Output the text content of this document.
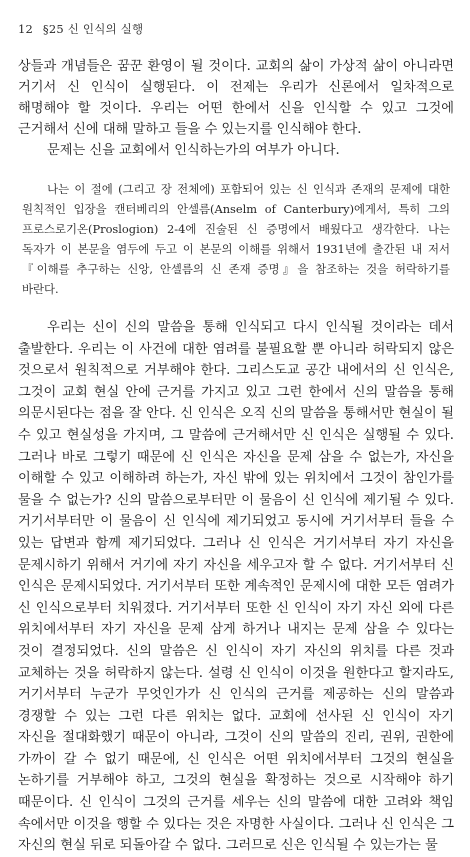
12 §25 신 인식의 실행

상들과 개념들은 꿈꾼 환영이 될 것이다. 교회의 삶이 가상적 삶이 아니라면 거기서 신 인식이 실행된다. 이 전제는 우리가 신론에서 일차적으로 해명해야 할 것이다. 우리는 어떤 한에서 신을 인식할 수 있고 그것에 근거해서 신에 대해 말하고 들을 수 있는지를 인식해야 한다.

문제는 신을 교회에서 인식하는가의 여부가 아니다.

나는 이 절에 (그리고 장 전체에) 포함되어 있는 신 인식과 존재의 문제에 대한 원칙적인 입장을 캔터베리의 안셀름(Anselm of Canterbury)에게서, 특히 그의 프로스로기온(Proslogion) 2-4에 진술된 신 증명에서 배웠다고 생각한다. 나는 독자가 이 본문을 염두에 두고 이 본문의 이해를 위해서 1931년에 출간된 내 저서 『이해를 추구하는 신앙, 안셀름의 신 존재 증명』을 참조하는 것을 허락하기를 바란다.

우리는 신이 신의 말씀을 통해 인식되고 다시 인식될 것이라는 데서 출발한다. 우리는 이 사건에 대한 염려를 불필요할 뿐 아니라 허락되지 않은 것으로서 원칙적으로 거부해야 한다. 그리스도교 공간 내에서의 신 인식은, 그것이 교회 현실 안에 근거를 가지고 있고 그런 한에서 신의 말씀을 통해 의문시된다는 점을 잘 안다. 신 인식은 오직 신의 말씀을 통해서만 현실이 될 수 있고 현실성을 가지며, 그 말씀에 근거해서만 신 인식은 실행될 수 있다. 그러나 바로 그렇기 때문에 신 인식은 자신을 문제 삼을 수 없는가, 자신을 이해할 수 있고 이해하려 하는가, 자신 밖에 있는 위치에서 그것이 참인가를 물을 수 없는가? 신의 말씀으로부터만 이 물음이 신 인식에 제기될 수 있다. 거기서부터만 이 물음이 신 인식에 제기되었고 동시에 거기서부터 들을 수 있는 답변과 함께 제기되었다. 그러나 신 인식은 거기서부터 자기 자신을 문제시하기 위해서 거기에 자기 자신을 세우고자 할 수 없다. 거기서부터 신 인식은 문제시되었다. 거기서부터 또한 계속적인 문제시에 대한 모든 염려가 신 인식으로부터 치워졌다. 거기서부터 또한 신 인식이 자기 자신 외에 다른 위치에서부터 자기 자신을 문제 삼게 하거나 내지는 문제 삼을 수 있다는 것이 결정되었다. 신의 말씀은 신 인식이 자기 자신의 위치를 다른 것과 교체하는 것을 허락하지 않는다. 설령 신 인식이 이것을 원한다고 할지라도, 거기서부터 누군가 무엇인가가 신 인식의 근거를 제공하는 신의 말씀과 경쟁할 수 있는 그런 다른 위치는 없다. 교회에 선사된 신 인식이 자기 자신을 절대화했기 때문이 아니라, 그것이 신의 말씀의 진리, 권위, 권한에 가까이 갈 수 없기 때문에, 신 인식은 어떤 위치에서부터 그것의 현실을 논하기를 거부해야 하고, 그것의 현실을 확정하는 것으로 시작해야 하기 때문이다. 신 인식이 그것의 근거를 세우는 신의 말씀에 대한 고려와 책임 속에서만 이것을 행할 수 있다는 것은 자명한 사실이다. 그러나 신 인식은 그 자신의 현실 뒤로 되돌아갈 수 없다. 그러므로 신은 인식될 수 있는가는 물
